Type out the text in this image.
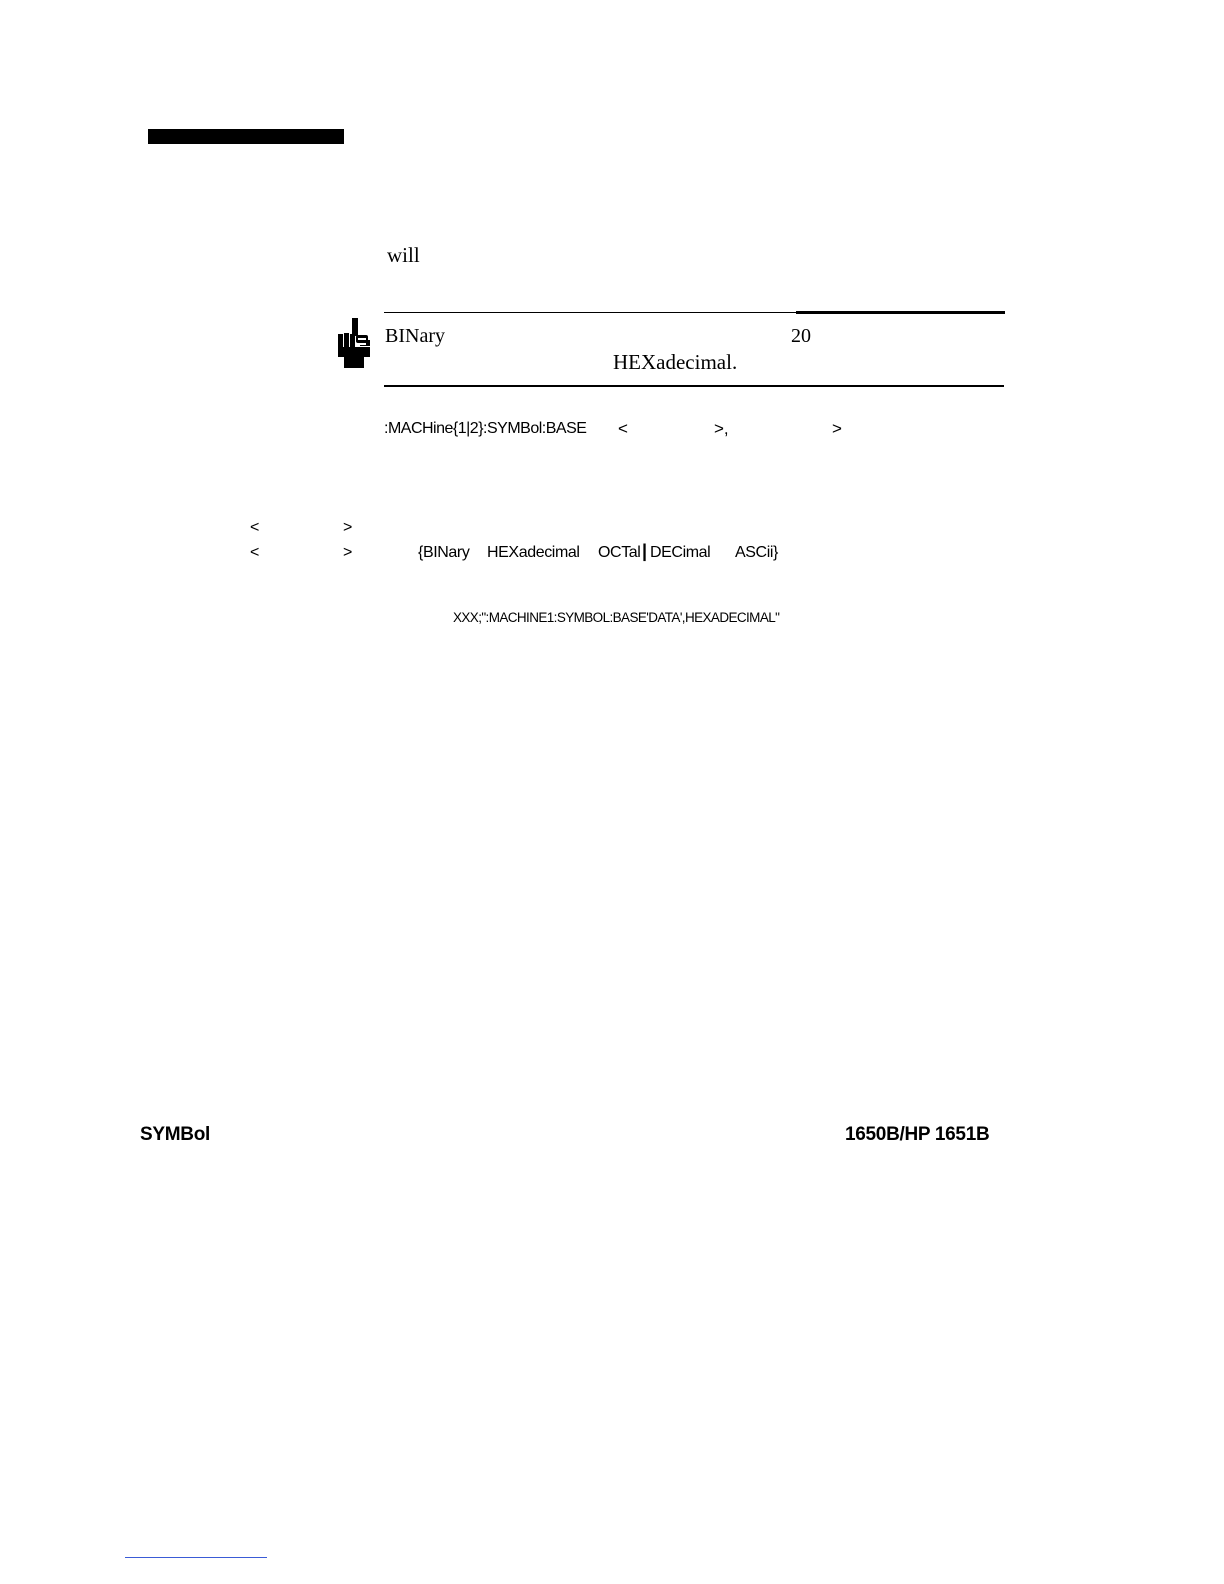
will
BINary	20
HEXadecimal.
:MACHine{1|2}:SYMBol:BASE <	>,	>
<	>
<	>	{BINary HEXadecimal OCTal | DECimal ASCii}
XXX;":MACHINE1:SYMBOL:BASE'DATA',HEXADECIMAL"
SYMBol	1650B/HP 1651B
